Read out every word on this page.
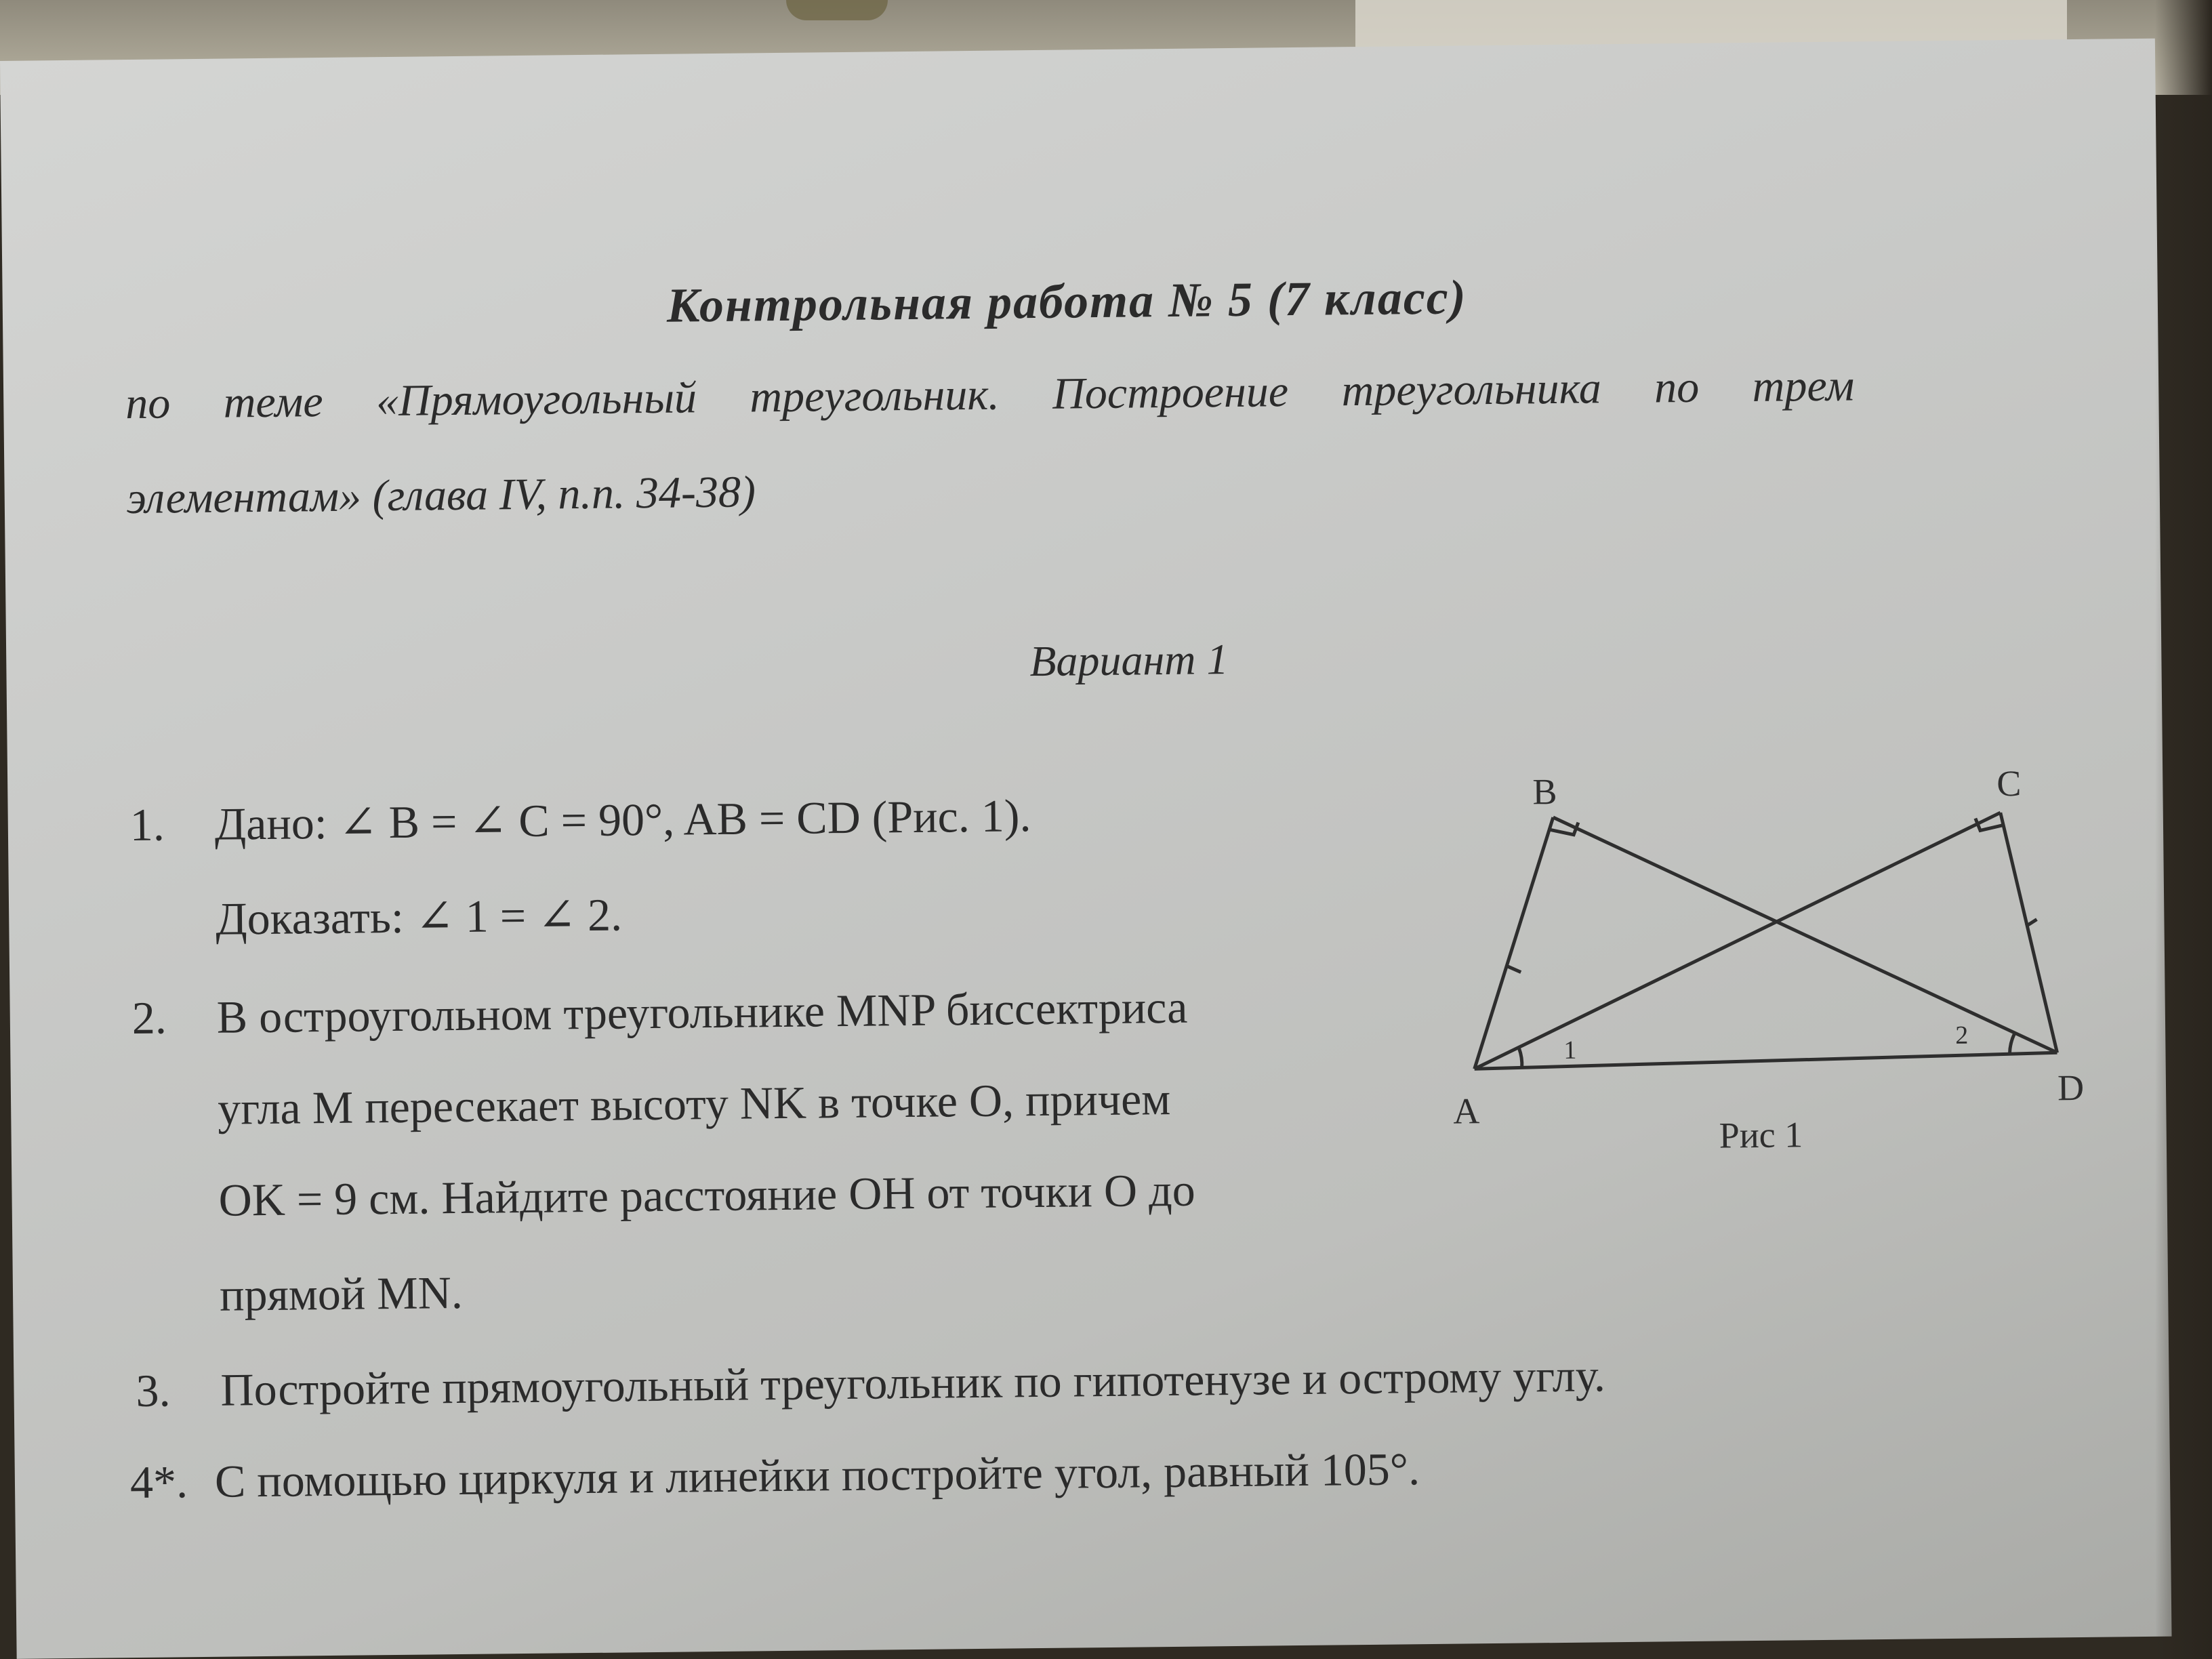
Контрольная работа № 5 (7 класс)
по теме «Прямоугольный треугольник. Построение треугольника по трем
элементам» (глава IV, п.п. 34-38)
Вариант 1
1. Дано: ∠ B = ∠ C = 90°, AB = CD (Рис. 1).
Доказать: ∠ 1 = ∠ 2.
2. В остроугольном треугольнике MNP биссектриса
угла M пересекает высоту NK в точке O, причем
OK = 9 см. Найдите расстояние OH от точки O до
прямой MN.
3. Постройте прямоугольный треугольник по гипотенузе и острому углу.
4*. С помощью циркуля и линейки постройте угол, равный 105°.
B	C
A
D
1
2
Рис 1
